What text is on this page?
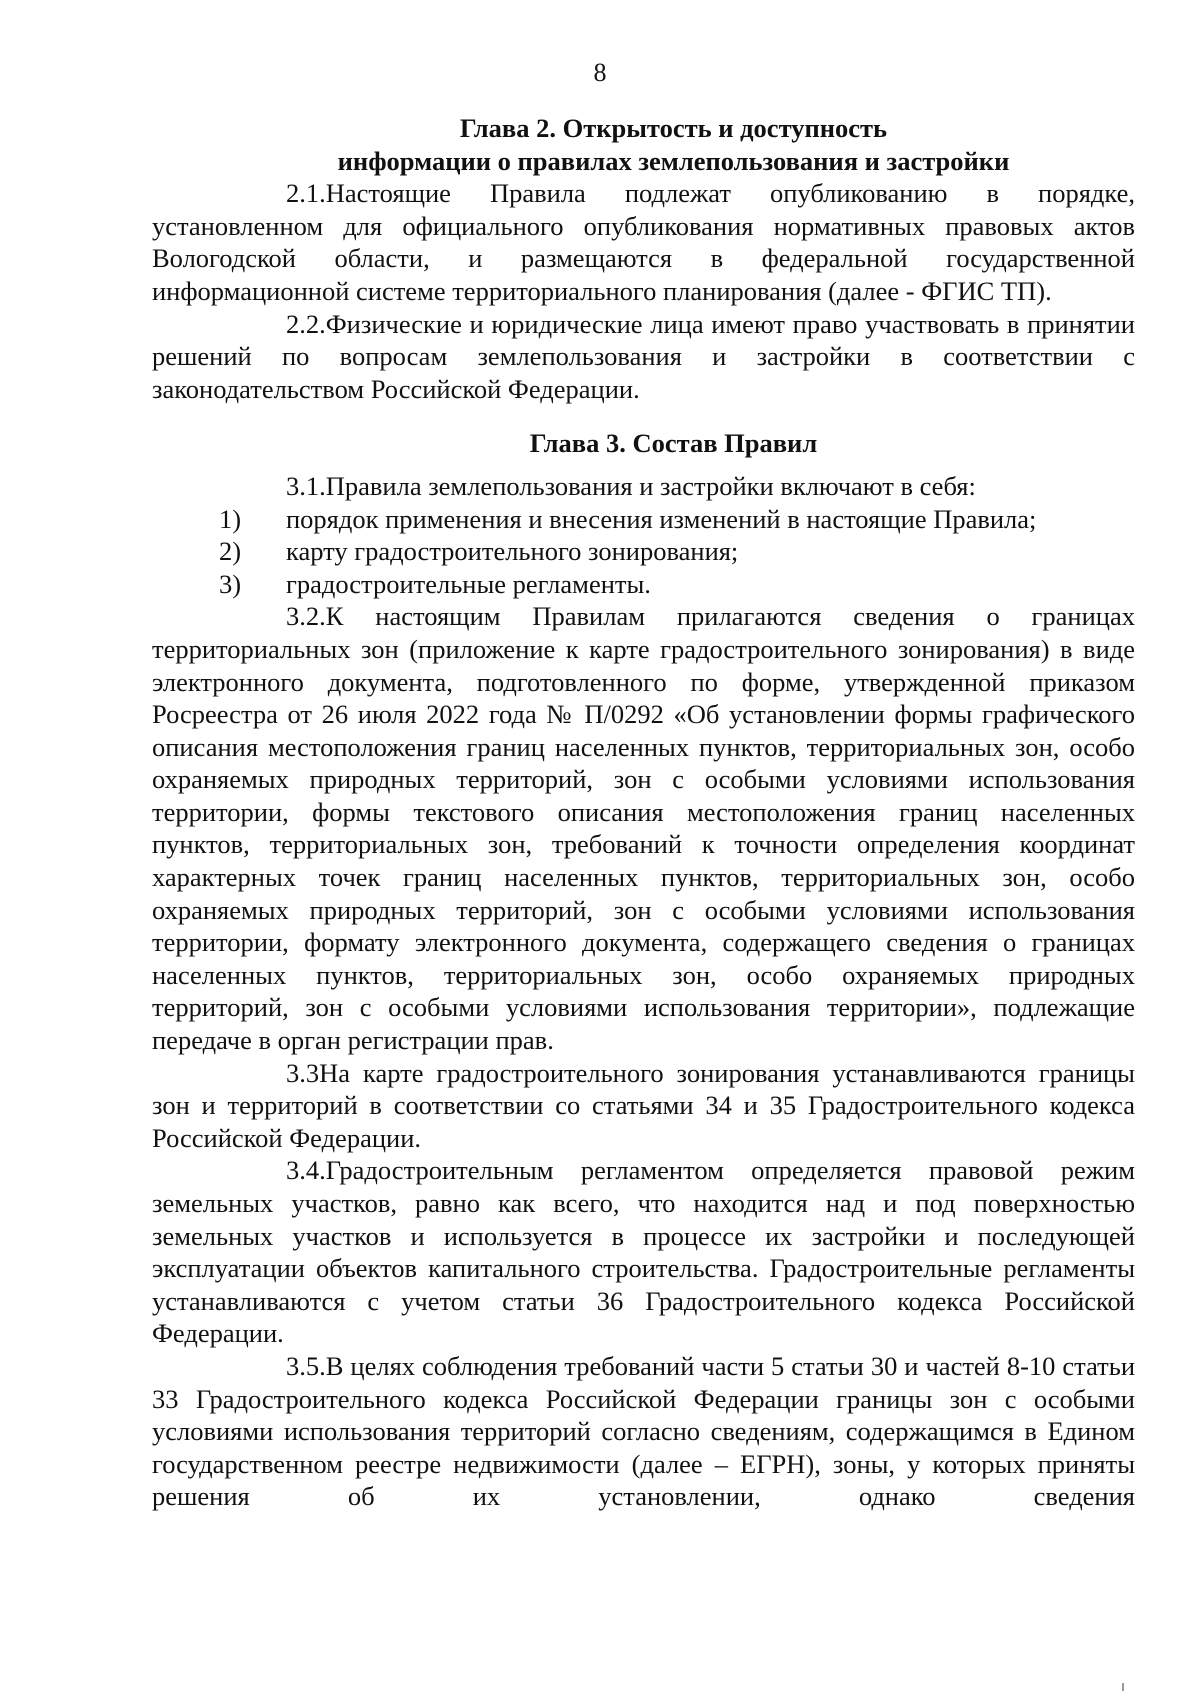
8
Глава 2. Открытость и доступность
информации о правилах землепользования и застройки

2.1.Настоящие Правила подлежат опубликованию в порядке, установленном для официального опубликования нормативных правовых актов Вологодской области, и размещаются в федеральной государственной информационной системе территориального планирования (далее - ФГИС ТП).

2.2.Физические и юридические лица имеют право участвовать в принятии решений по вопросам землепользования и застройки в соответствии с законодательством Российской Федерации.

Глава 3. Состав Правил

3.1.Правила землепользования и застройки включают в себя:

1)	порядок применения и внесения изменений в настоящие Правила;
2)	карту градостроительного зонирования;
3)	градостроительные регламенты.

3.2.К настоящим Правилам прилагаются сведения о границах территориальных зон (приложение к карте градостроительного зонирования) в виде электронного документа, подготовленного по форме, утвержденной приказом Росреестра от 26 июля 2022 года № П/0292 «Об установлении формы графического описания местоположения границ населенных пунктов, территориальных зон, особо охраняемых природных территорий, зон с особыми условиями использования территории, формы текстового описания местоположения границ населенных пунктов, территориальных зон, требований к точности определения координат характерных точек границ населенных пунктов, территориальных зон, особо охраняемых природных территорий, зон с особыми условиями использования территории, формату электронного документа, содержащего сведения о границах населенных пунктов, территориальных зон, особо охраняемых природных территорий, зон с особыми условиями использования территории», подлежащие передаче в орган регистрации прав.

3.3На карте градостроительного зонирования устанавливаются границы зон и территорий в соответствии со статьями 34 и 35 Градостроительного кодекса Российской Федерации.

3.4.Градостроительным регламентом определяется правовой режим земельных участков, равно как всего, что находится над и под поверхностью земельных участков и используется в процессе их застройки и последующей эксплуатации объектов капитального строительства. Градостроительные регламенты устанавливаются с учетом статьи 36 Градостроительного кодекса Российской Федерации.

3.5.В целях соблюдения требований части 5 статьи 30 и частей 8-10 статьи 33 Градостроительного кодекса Российской Федерации границы зон с особыми условиями использования территорий согласно сведениям, содержащимся в Едином государственном реестре недвижимости (далее – ЕГРН), зоны, у которых приняты решения об их установлении, однако сведения
